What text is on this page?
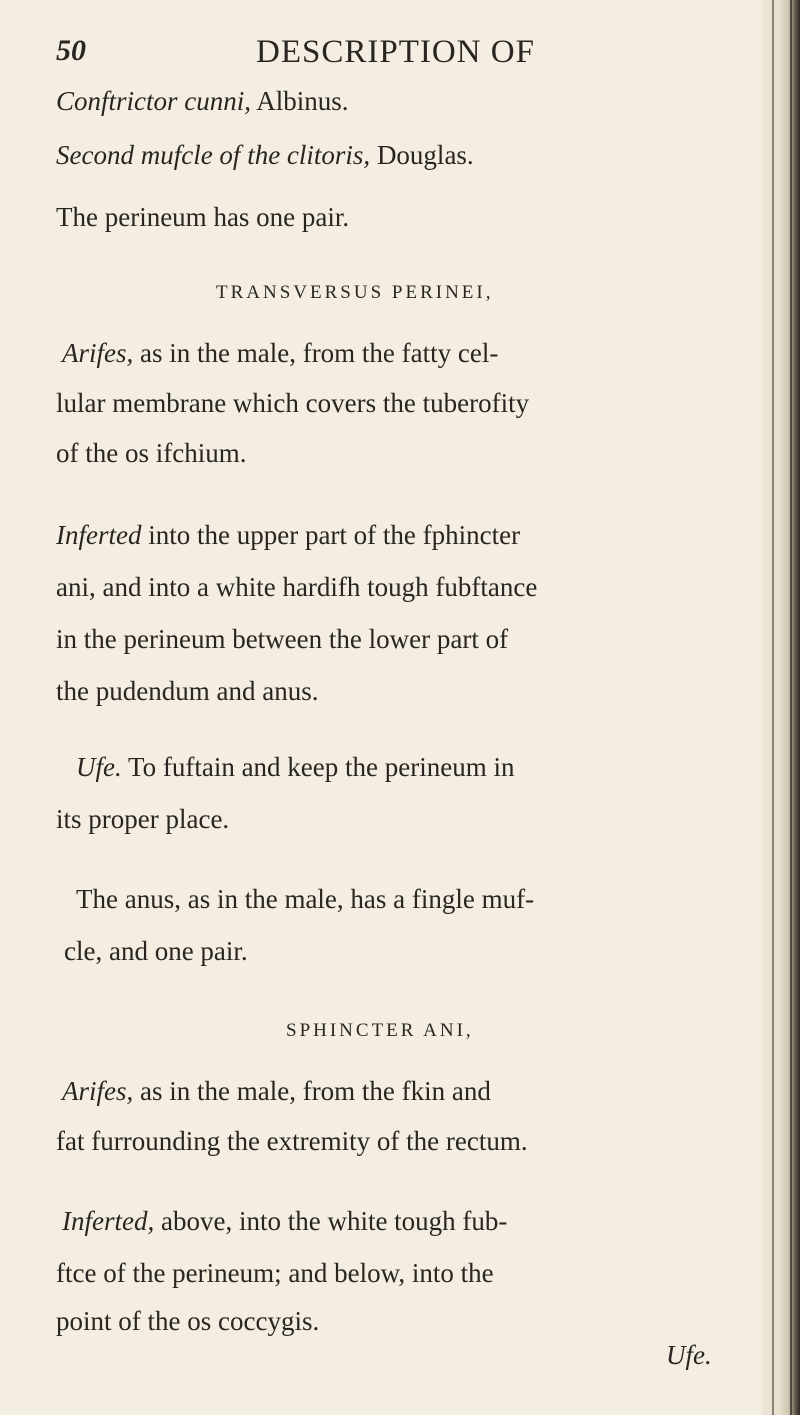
50	DESCRIPTION OF
Conftrictor cunni, Albinus.
Second mufcle of the clitoris, Douglas.
The perineum has one pair.
TRANSVERSUS PERINEI,
Arifes, as in the male, from the fatty cel-
lular membrane which covers the tuberofity
of the os ifchium.
Inferted into the upper part of the fphincter
ani, and into a white hardifh tough fubftance
in the perineum between the lower part of
the pudendum and anus.
Ufe. To fuftain and keep the perineum in
its proper place.
The anus, as in the male, has a fingle muf-
cle, and one pair.
SPHINCTER ANI,
Arifes, as in the male, from the fkin and
fat furrounding the extremity of the rectum.
Inferted, above, into the white tough fub-
ftce of the perineum; and below, into the
point of the os coccygis.
Ufe.
